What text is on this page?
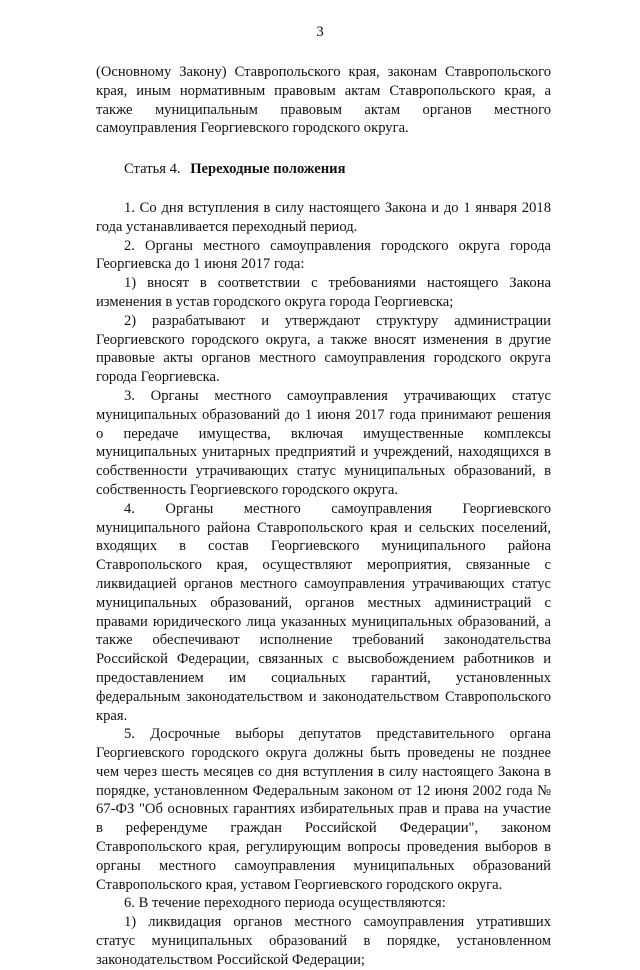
3

(Основному Закону) Ставропольского края, законам Ставропольского края, иным нормативным правовым актам Ставропольского края, а также муниципальным правовым актам органов местного самоуправления Георгиевского городского округа.

Статья 4. Переходные положения

1. Со дня вступления в силу настоящего Закона и до 1 января 2018 года устанавливается переходный период.

2. Органы местного самоуправления городского округа города Георгиевска до 1 июня 2017 года:

1) вносят в соответствии с требованиями настоящего Закона изменения в устав городского округа города Георгиевска;

2) разрабатывают и утверждают структуру администрации Георгиевского городского округа, а также вносят изменения в другие правовые акты органов местного самоуправления городского округа города Георгиевска.

3. Органы местного самоуправления утрачивающих статус муниципальных образований до 1 июня 2017 года принимают решения о передаче имущества, включая имущественные комплексы муниципальных унитарных предприятий и учреждений, находящихся в собственности утрачивающих статус муниципальных образований, в собственность Георгиевского городского округа.

4. Органы местного самоуправления Георгиевского муниципального района Ставропольского края и сельских поселений, входящих в состав Георгиевского муниципального района Ставропольского края, осуществляют мероприятия, связанные с ликвидацией органов местного самоуправления утрачивающих статус муниципальных образований, органов местных администраций с правами юридического лица указанных муниципальных образований, а также обеспечивают исполнение требований законодательства Российской Федерации, связанных с высвобождением работников и предоставлением им социальных гарантий, установленных федеральным законодательством и законодательством Ставропольского края.

5. Досрочные выборы депутатов представительного органа Георгиевского городского округа должны быть проведены не позднее чем через шесть месяцев со дня вступления в силу настоящего Закона в порядке, установленном Федеральным законом от 12 июня 2002 года № 67-ФЗ "Об основных гарантиях избирательных прав и права на участие в референдуме граждан Российской Федерации", законом Ставропольского края, регулирующим вопросы проведения выборов в органы местного самоуправления муниципальных образований Ставропольского края, уставом Георгиевского городского округа.

6. В течение переходного периода осуществляются:

1) ликвидация органов местного самоуправления утративших статус муниципальных образований в порядке, установленном законодательством Российской Федерации;
